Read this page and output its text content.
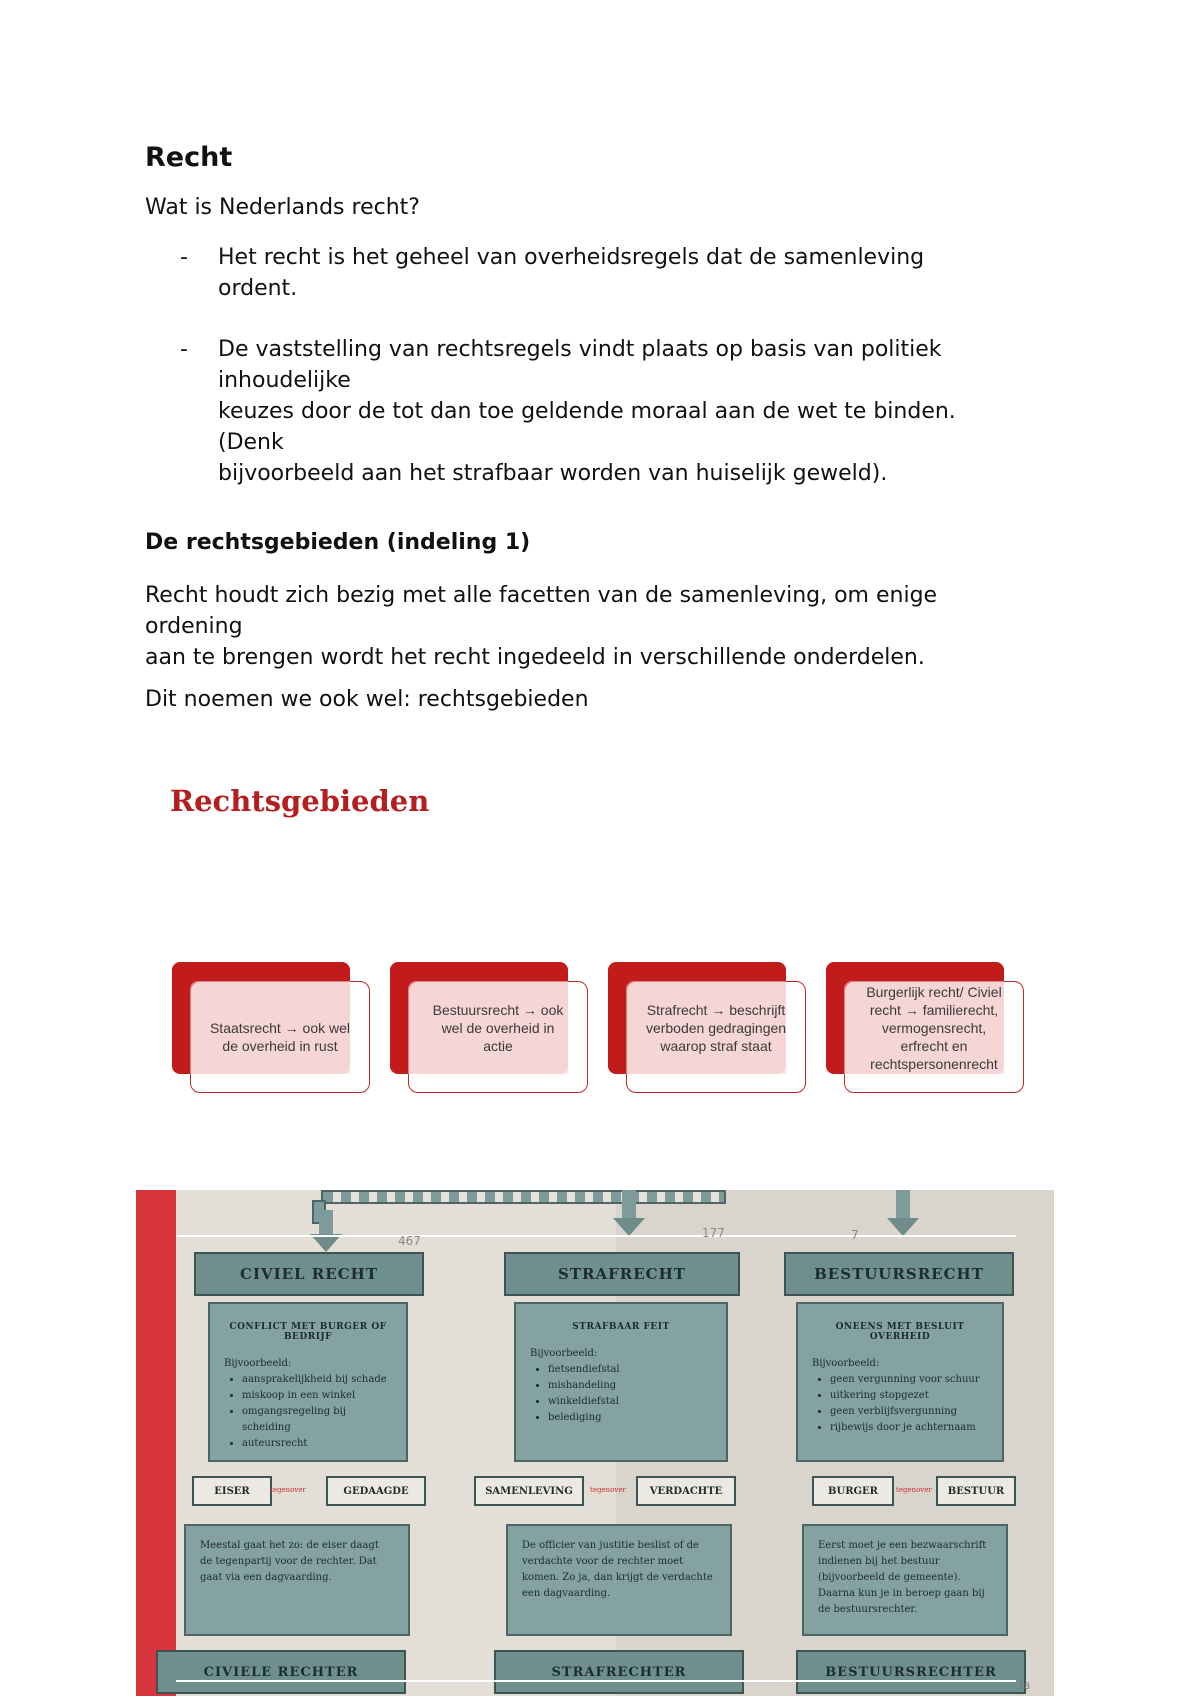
Recht

Wat is Nederlands recht?

- Het recht is het geheel van overheidsregels dat de samenleving
ordent.
- De vaststelling van rechtsregels vindt plaats op basis van politiek
inhoudelijke
keuzes door de tot dan toe geldende moraal aan de wet te binden.
(Denk
bijvoorbeeld aan het strafbaar worden van huiselijk geweld).
De rechtsgebieden (indeling 1)
Recht houdt zich bezig met alle facetten van de samenleving, om enige
ordening
aan te brengen wordt het recht ingedeeld in verschillende onderdelen.

Dit noemen we ook wel: rechtsgebieden

Rechtsgebieden
Staatsrecht → ook wel
de overheid in rust
Bestuursrecht → ook
wel de overheid in
actie
Strafrecht → beschrijft
verboden gedragingen
waarop straf staat
Burgerlijk recht/ Civiel
recht → familierecht,
vermogensrecht,
erfrecht en
rechtspersonenrecht
467
177	7
CIVIEL RECHT
CONFLICT MET BURGER OF BEDRIJF

Bijvoorbeeld:

• aansprakelijkheid bij schade
• miskoop in een winkel
• omgangsregeling bij scheiding
• auteursrecht
EISER	tegenover	GEDAAGDE
Meestal gaat het zo: de eiser daagt de tegenpartij voor de rechter. Dat gaat via een dagvaarding.
CIVIELE RECHTER
STRAFRECHT
STRAFBAAR FEIT

Bijvoorbeeld:

• fietsendiefstal
• mishandeling
• winkeldiefstal
• belediging
SAMENLEVING	tegenover	VERDACHTE
De officier van justitie beslist of de verdachte voor de rechter moet komen. Zo ja, dan krijgt de verdachte een dagvaarding.
STRAFRECHTER
BESTUURSRECHT
ONEENS MET BESLUIT OVERHEID

Bijvoorbeeld:

• geen vergunning voor schuur
• uitkering stopgezet
• geen verblijfsvergunning
• rijbewijs door je achternaam
BURGER	tegenover	BESTUUR
Eerst moet je een bezwaarschrift indienen bij het bestuur (bijvoorbeeld de gemeente). Daarna kun je in beroep gaan bij de bestuursrechter.
BESTUURSRECHTER
18
